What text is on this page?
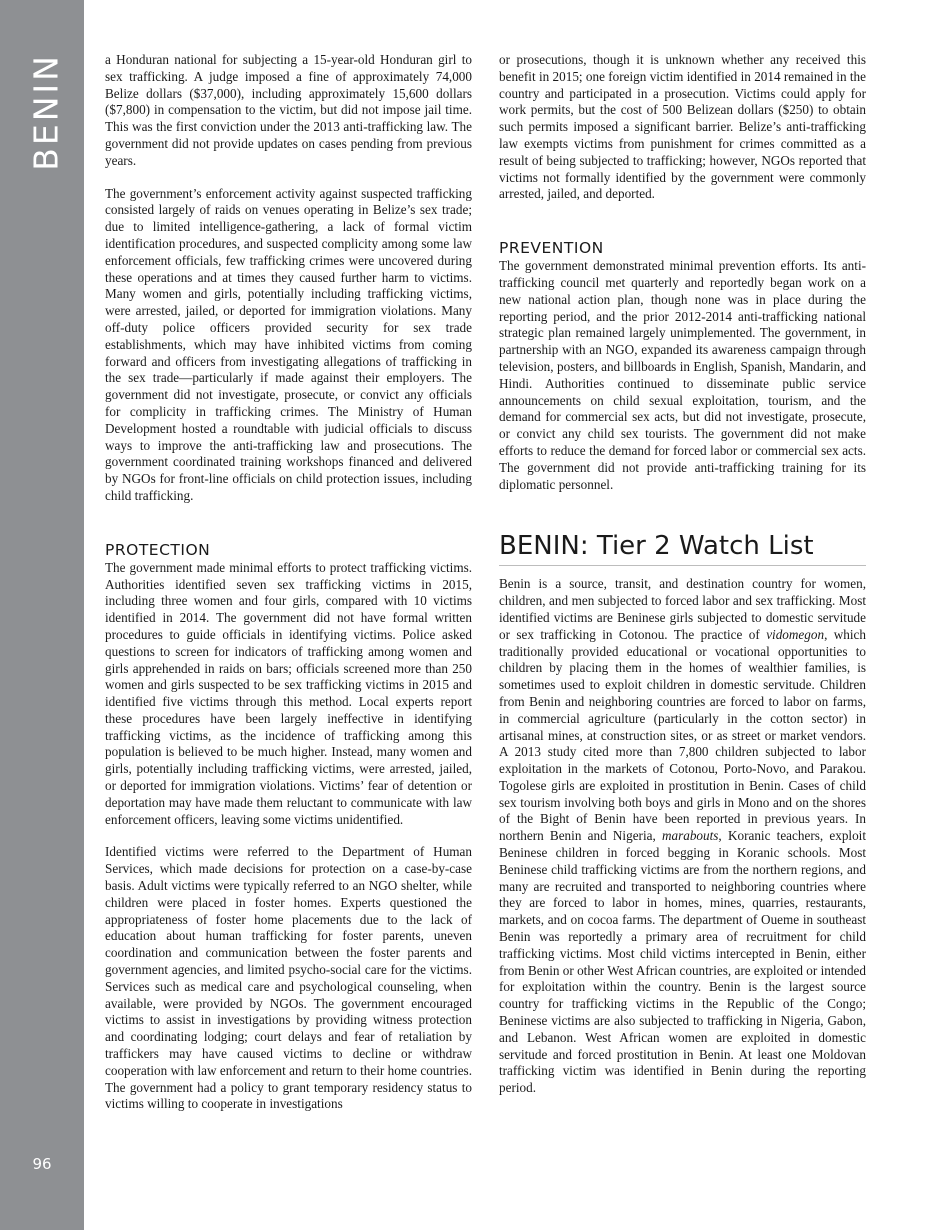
BENIN
96

a Honduran national for subjecting a 15-year-old Honduran girl to sex trafficking. A judge imposed a fine of approximately 74,000 Belize dollars ($37,000), including approximately 15,600 dollars ($7,800) in compensation to the victim, but did not impose jail time. This was the first conviction under the 2013 anti-trafficking law. The government did not provide updates on cases pending from previous years.

The government’s enforcement activity against suspected trafficking consisted largely of raids on venues operating in Belize’s sex trade; due to limited intelligence-gathering, a lack of formal victim identification procedures, and suspected complicity among some law enforcement officials, few trafficking crimes were uncovered during these operations and at times they caused further harm to victims. Many women and girls, potentially including trafficking victims, were arrested, jailed, or deported for immigration violations. Many off-duty police officers provided security for sex trade establishments, which may have inhibited victims from coming forward and officers from investigating allegations of trafficking in the sex trade—particularly if made against their employers. The government did not investigate, prosecute, or convict any officials for complicity in trafficking crimes. The Ministry of Human Development hosted a roundtable with judicial officials to discuss ways to improve the anti-trafficking law and prosecutions. The government coordinated training workshops financed and delivered by NGOs for front-line officials on child protection issues, including child trafficking.

PROTECTION

The government made minimal efforts to protect trafficking victims. Authorities identified seven sex trafficking victims in 2015, including three women and four girls, compared with 10 victims identified in 2014. The government did not have formal written procedures to guide officials in identifying victims. Police asked questions to screen for indicators of trafficking among women and girls apprehended in raids on bars; officials screened more than 250 women and girls suspected to be sex trafficking victims in 2015 and identified five victims through this method. Local experts report these procedures have been largely ineffective in identifying trafficking victims, as the incidence of trafficking among this population is believed to be much higher. Instead, many women and girls, potentially including trafficking victims, were arrested, jailed, or deported for immigration violations. Victims’ fear of detention or deportation may have made them reluctant to communicate with law enforcement officers, leaving some victims unidentified.

Identified victims were referred to the Department of Human Services, which made decisions for protection on a case-by-case basis. Adult victims were typically referred to an NGO shelter, while children were placed in foster homes. Experts questioned the appropriateness of foster home placements due to the lack of education about human trafficking for foster parents, uneven coordination and communication between the foster parents and government agencies, and limited psycho-social care for the victims. Services such as medical care and psychological counseling, when available, were provided by NGOs. The government encouraged victims to assist in investigations by providing witness protection and coordinating lodging; court delays and fear of retaliation by traffickers may have caused victims to decline or withdraw cooperation with law enforcement and return to their home countries. The government had a policy to grant temporary residency status to victims willing to cooperate in investigations

or prosecutions, though it is unknown whether any received this benefit in 2015; one foreign victim identified in 2014 remained in the country and participated in a prosecution. Victims could apply for work permits, but the cost of 500 Belizean dollars ($250) to obtain such permits imposed a significant barrier. Belize’s anti-trafficking law exempts victims from punishment for crimes committed as a result of being subjected to trafficking; however, NGOs reported that victims not formally identified by the government were commonly arrested, jailed, and deported.

PREVENTION

The government demonstrated minimal prevention efforts. Its anti-trafficking council met quarterly and reportedly began work on a new national action plan, though none was in place during the reporting period, and the prior 2012-2014 anti-trafficking national strategic plan remained largely unimplemented. The government, in partnership with an NGO, expanded its awareness campaign through television, posters, and billboards in English, Spanish, Mandarin, and Hindi. Authorities continued to disseminate public service announcements on child sexual exploitation, tourism, and the demand for commercial sex acts, but did not investigate, prosecute, or convict any child sex tourists. The government did not make efforts to reduce the demand for forced labor or commercial sex acts. The government did not provide anti-trafficking training for its diplomatic personnel.

BENIN: Tier 2 Watch List

Benin is a source, transit, and destination country for women, children, and men subjected to forced labor and sex trafficking. Most identified victims are Beninese girls subjected to domestic servitude or sex trafficking in Cotonou. The practice of vidomegon, which traditionally provided educational or vocational opportunities to children by placing them in the homes of wealthier families, is sometimes used to exploit children in domestic servitude. Children from Benin and neighboring countries are forced to labor on farms, in commercial agriculture (particularly in the cotton sector) in artisanal mines, at construction sites, or as street or market vendors. A 2013 study cited more than 7,800 children subjected to labor exploitation in the markets of Cotonou, Porto-Novo, and Parakou. Togolese girls are exploited in prostitution in Benin. Cases of child sex tourism involving both boys and girls in Mono and on the shores of the Bight of Benin have been reported in previous years. In northern Benin and Nigeria, marabouts, Koranic teachers, exploit Beninese children in forced begging in Koranic schools. Most Beninese child trafficking victims are from the northern regions, and many are recruited and transported to neighboring countries where they are forced to labor in homes, mines, quarries, restaurants, markets, and on cocoa farms. The department of Oueme in southeast Benin was reportedly a primary area of recruitment for child trafficking victims. Most child victims intercepted in Benin, either from Benin or other West African countries, are exploited or intended for exploitation within the country. Benin is the largest source country for trafficking victims in the Republic of the Congo; Beninese victims are also subjected to trafficking in Nigeria, Gabon, and Lebanon. West African women are exploited in domestic servitude and forced prostitution in Benin. At least one Moldovan trafficking victim was identified in Benin during the reporting period.
